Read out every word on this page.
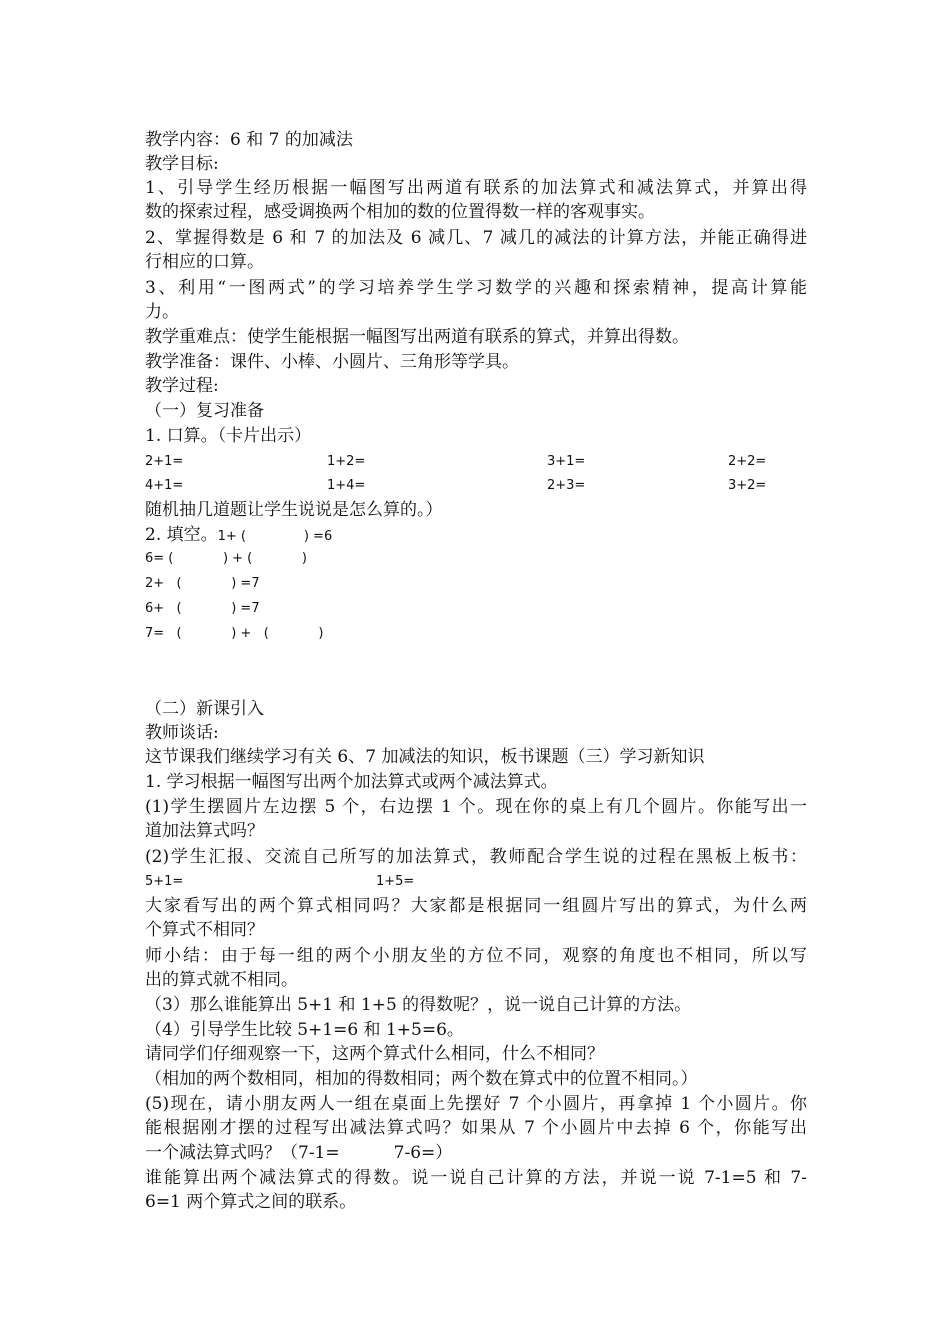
教学内容：6 和 7 的加减法
教学目标:
1、引导学生经历根据一幅图写出两道有联系的加法算式和减法算式，并算出得
数的探索过程，感受调换两个相加的数的位置得数一样的客观事实。
2、掌握得数是 6 和 7 的加法及 6 减几、7 减几的减法的计算方法，并能正确得进
行相应的口算。
3、利用“一图两式”的学习培养学生学习数学的兴趣和探索精神，提高计算能
力。
教学重难点：使学生能根据一幅图写出两道有联系的算式，并算出得数。
教学准备：课件、小棒、小圆片、三角形等学具。
教学过程:
（一）复习准备
1. 口算。（卡片出示）
2+1=	1+2=	3+1=	2+2=
4+1=	1+4=	2+3=	3+2=
随机抽几道题让学生说说是怎么算的。）
2. 填空。1+ (              ) =6
6= (            ) + (            )
2+   (            ) =7
6+   (            ) =7
7=   (            ) +   (            )
（二）新课引入
教师谈话:
这节课我们继续学习有关 6、7 加减法的知识，板书课题（三）学习新知识
1. 学习根据一幅图写出两个加法算式或两个减法算式。
(1)学生摆圆片左边摆 5 个，右边摆 1 个。现在你的桌上有几个圆片。你能写出一
道加法算式吗？
(2)学生汇报、交流自己所写的加法算式，教师配合学生说的过程在黑板上板书：
5+1=	1+5=
大家看写出的两个算式相同吗？大家都是根据同一组圆片写出的算式，为什么两
个算式不相同？
师小结：由于每一组的两个小朋友坐的方位不同，观察的角度也不相同，所以写
出的算式就不相同。
（3）那么谁能算出 5+1 和 1+5 的得数呢？，说一说自己计算的方法。
（4）引导学生比较 5+1=6 和 1+5=6。
请同学们仔细观察一下，这两个算式什么相同，什么不相同？
（相加的两个数相同，相加的得数相同；两个数在算式中的位置不相同。）
(5)现在，请小朋友两人一组在桌面上先摆好 7 个小圆片，再拿掉 1 个小圆片。你
能根据刚才摆的过程写出减法算式吗？如果从 7 个小圆片中去掉 6 个，你能写出
一个减法算式吗？（7-1=          7-6=）
谁能算出两个减法算式的得数。说一说自己计算的方法，并说一说 7-1=5 和 7-
6=1 两个算式之间的联系。
